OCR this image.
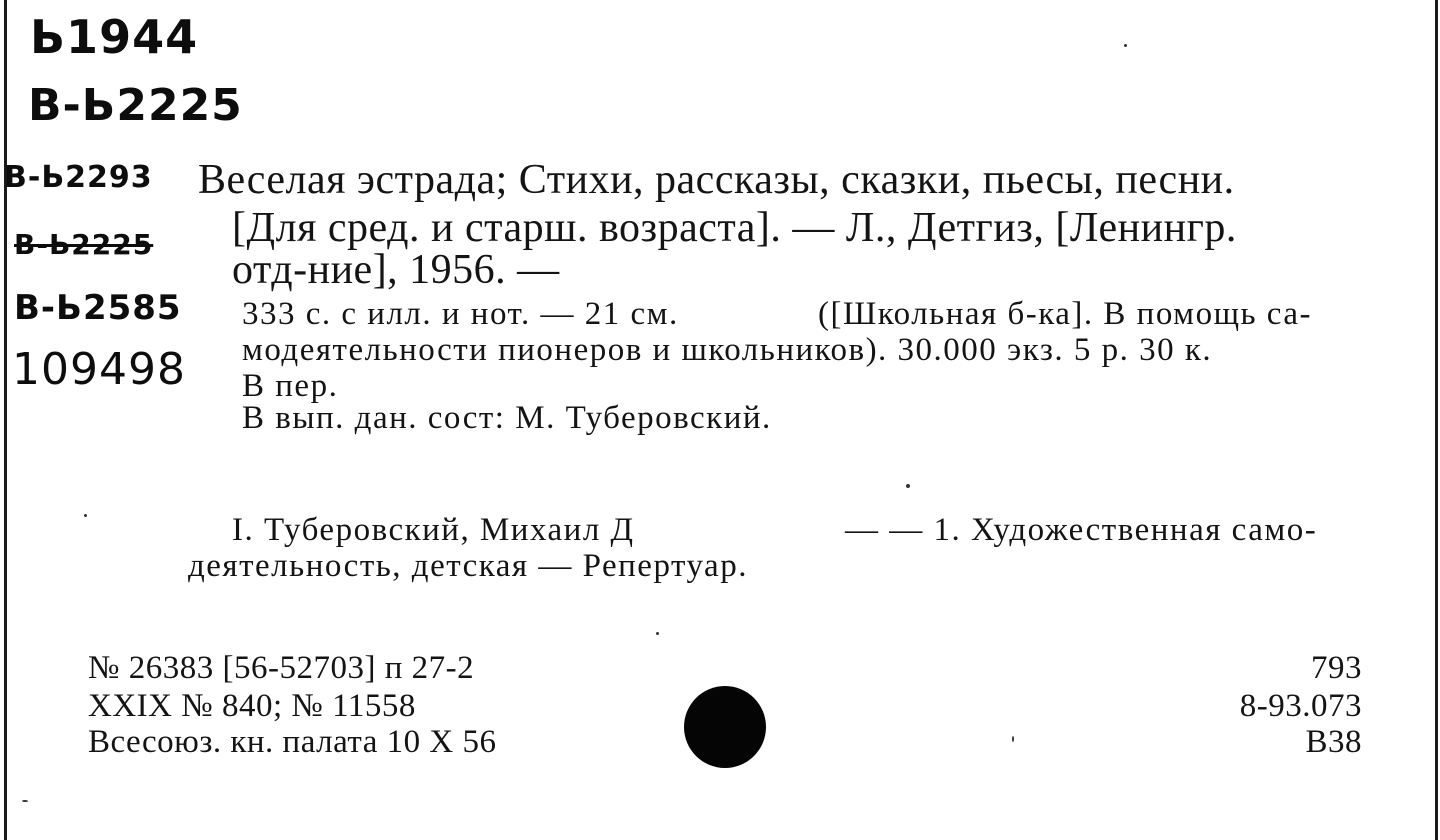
Ь1944
В-Ь2225
В-Ь2293
В-Ь2225
В-Ь2585
109498
Веселая эстрада; Стихи, рассказы, сказки, пьесы, песни.
[Для сред. и старш. возраста]. — Л., Детгиз, [Ленингр.
отд-ние], 1956. —
333 с. с илл. и нот. — 21 см.	([Школьная б-ка]. В помощь са-
модеятельности пионеров и школьников). 30.000 экз. 5 р. 30 к.
В пер.
В вып. дан. сост: М. Туберовский.
I. Туберовский, Михаил Д	— — 1. Художественная само-
деятельность, детская — Репертуар.
№ 26383 [56-52703] п 27-2
XXIX № 840; № 11558
Всесоюз. кн. палата 10 X 56
793
8-93.073
В38
